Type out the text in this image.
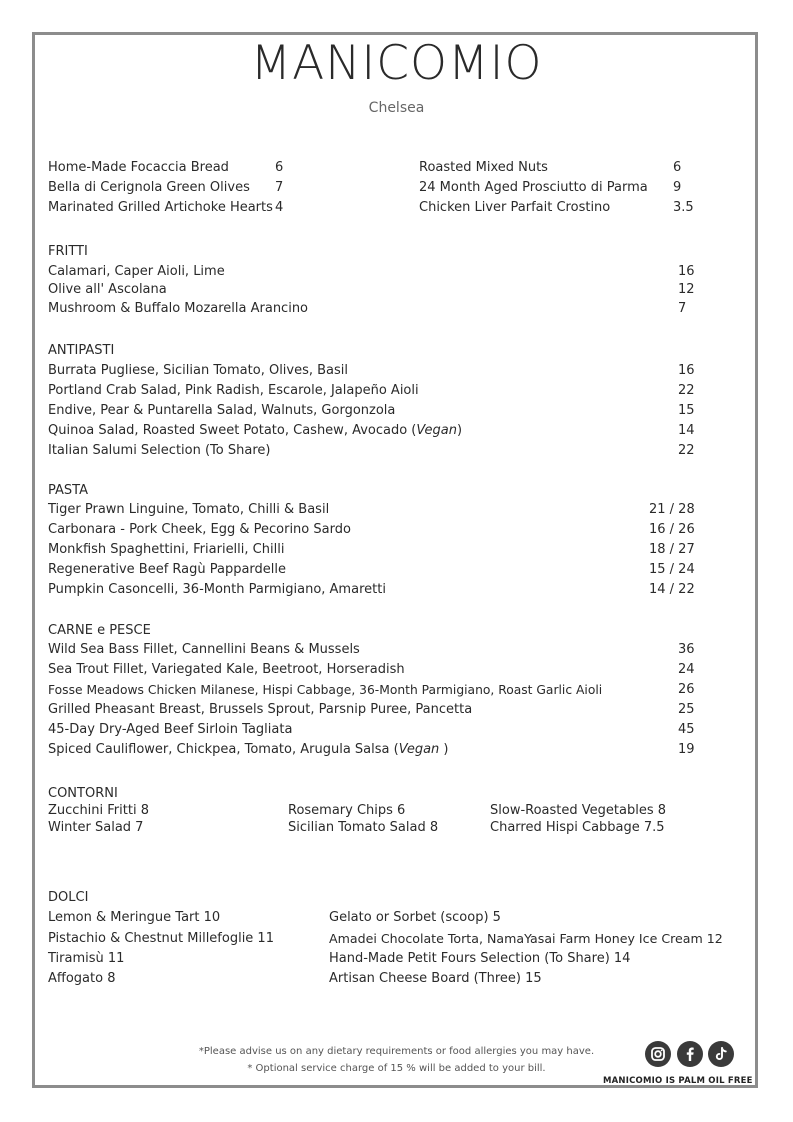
MANICOMIO
Chelsea
Home-Made Focaccia Bread	6
Bella di Cerignola Green Olives 7
Marinated Grilled Artichoke Hearts 4
Roasted Mixed Nuts	6
24 Month Aged Prosciutto di Parma 9
Chicken Liver Parfait Crostino	3.5
FRITTI
Calamari, Caper Aioli, Lime	16
Olive all' Ascolana	12
Mushroom & Buffalo Mozarella Arancino	7
ANTIPASTI
Burrata Pugliese, Sicilian Tomato, Olives, Basil	16
Portland Crab Salad, Pink Radish, Escarole, Jalapeño Aioli	22
Endive, Pear & Puntarella Salad, Walnuts, Gorgonzola	15
Quinoa Salad, Roasted Sweet Potato, Cashew, Avocado (Vegan)	14
Italian Salumi Selection (To Share)	22
PASTA
Tiger Prawn Linguine, Tomato, Chilli & Basil	21 / 28
Carbonara - Pork Cheek, Egg & Pecorino Sardo	16 / 26
Monkfish Spaghettini, Friarielli, Chilli	18 / 27
Regenerative Beef Ragù Pappardelle	15 / 24
Pumpkin Casoncelli, 36-Month Parmigiano, Amaretti	14 / 22
CARNE e PESCE
Wild Sea Bass Fillet, Cannellini Beans & Mussels	36
Sea Trout Fillet, Variegated Kale, Beetroot, Horseradish	24
Fosse Meadows Chicken Milanese, Hispi Cabbage, 36-Month Parmigiano, Roast Garlic Aioli	26
Grilled Pheasant Breast, Brussels Sprout, Parsnip Puree, Pancetta	25
45-Day Dry-Aged Beef Sirloin Tagliata	45
Spiced Cauliflower, Chickpea, Tomato, Arugula Salsa (Vegan )	19
CONTORNI
Zucchini Fritti 8
Winter Salad 7
Rosemary Chips 6
Sicilian Tomato Salad 8
Slow-Roasted Vegetables 8
Charred Hispi Cabbage 7.5
DOLCI
Lemon & Meringue Tart 10
Pistachio & Chestnut Millefoglie 11
Tiramisù 11
Affogato 8
Gelato or Sorbet (scoop) 5
Amadei Chocolate Torta, NamaYasai Farm Honey Ice Cream 12
Hand-Made Petit Fours Selection (To Share) 14
Artisan Cheese Board (Three) 15
*Please advise us on any dietary requirements or food allergies you may have.
* Optional service charge of 15 % will be added to your bill.
MANICOMIO IS PALM OIL FREE
